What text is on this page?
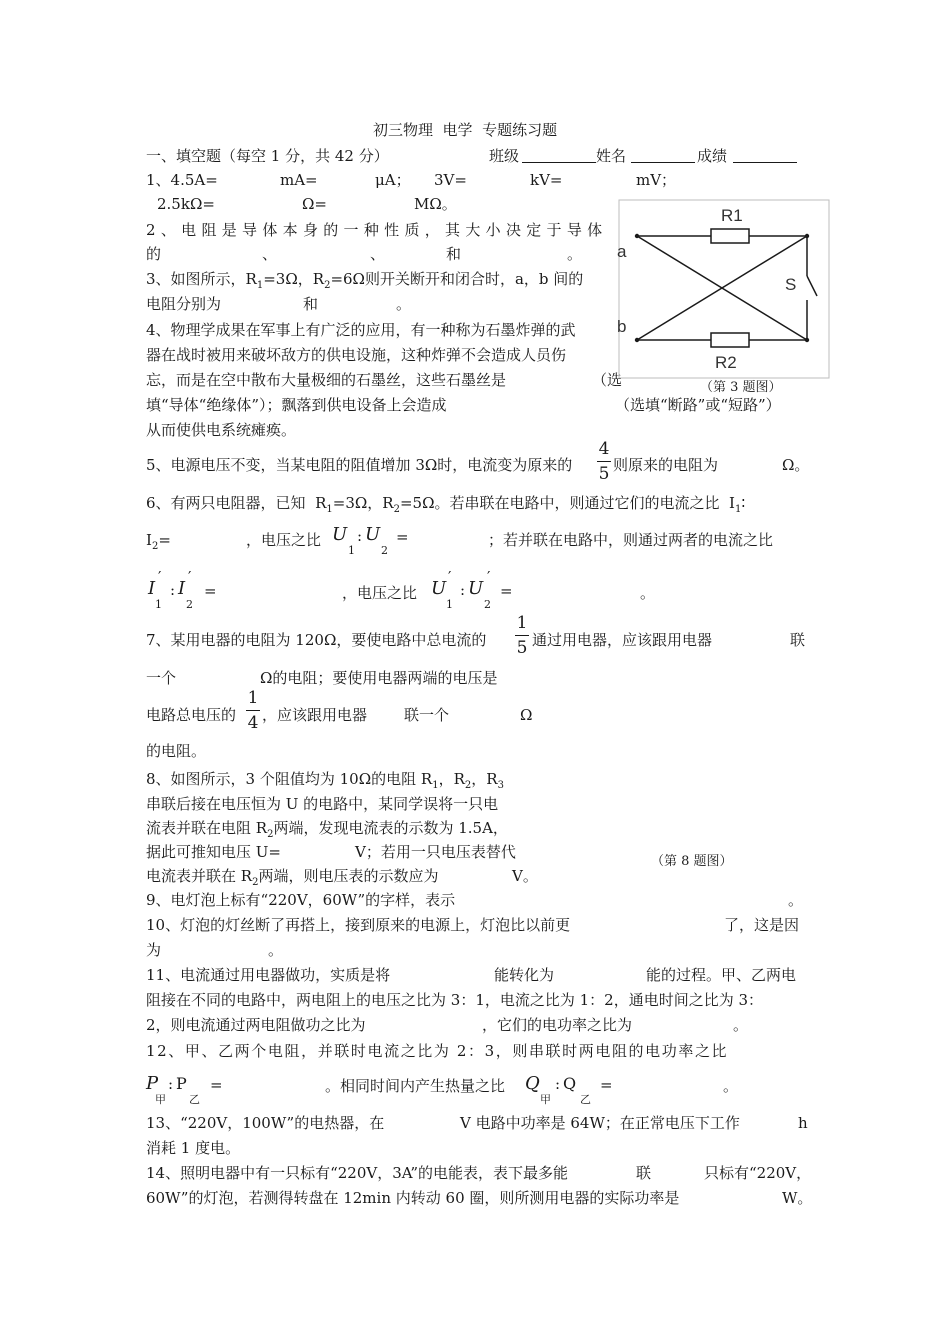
初三物理  电学  专题练习题
一、填空题（每空 1 分，共 42 分）	班级	姓名	成绩
1、4.5A=	mA=	μA； 3V=	kV=	mV；
2.5kΩ=	Ω=	MΩ。
2、电阻是导体本身的一种性质，其大小决定于导体
的	、	、	和	。
3、如图所示，$R_1=3\Omega$，$R_2=6\Omega$则开关断开和闭合时，a，b 间的
电阻分别为	和	。
4、物理学成果在军事上有广泛的应用，有一种称为石墨炸弹的武
器在战时被用来破坏敌方的供电设施，这种炸弹不会造成人员伤
忘，而是在空中散布大量极细的石墨丝，这些石墨丝是	（选
填“导体“绝缘体”）；飘落到供电设备上会造成	（选填“断路”或“短路”）
从而使供电系统瘫痪。
R1
R2
a
b
S
（第 3 题图）
5、电源电压不变，当某电阻的阻值增加 3Ω时，电流变为原来的
4
5 则原来的电阻为	Ω。
6、有两只电阻器，已知  $R_1=3\Omega$，$R_2=5\Omega$。若串联在电路中，则通过它们的电流之比  $I_1∶$
$I_2=$	，电压之比 U
1
: U
2
=	；若并联在电路中，则通过两者的电流之比
I
′
1
: I
′
2
=	，电压之比 U
′
1
: U
′
2
=	。
7、某用电器的电阻为 120Ω，要使电路中总电流的
1
5 通过用电器，应该跟用电器	联
一个	Ω的电阻；要使用电器两端的电压是
电路总电压的
1
4 ，应该跟用电器 联一个	Ω
的电阻。
8、如图所示，3 个阻值均为 10Ω的电阻 $R_1$，$R_2$，$R_3$
串联后接在电压恒为 U 的电路中，某同学误将一只电
流表并联在电阻 $R_2$两端，发现电流表的示数为 1.5A，
据此可推知电压 U=	V；若用一只电压表替代
电流表并联在 $R_2$两端，则电压表的示数应为	V。
（第 8 题图）
9、电灯泡上标有“220V，60W”的字样，表示	。
10、灯泡的灯丝断了再搭上，接到原来的电源上，灯泡比以前更	了，这是因
为	。
11、电流通过用电器做功，实质是将	能转化为	能的过程。甲、乙两电
阻接在不同的电路中，两电阻上的电压之比为 3：1，电流之比为 1：2，通电时间之比为 3：
2，则电流通过两电阻做功之比为	，它们的电功率之比为	。
12、甲、乙两个电阻，并联时电流之比为 2：3，则串联时两电阻的电功率之比
P
甲
: P
乙
=	。相同时间内产生热量之比 Q
甲
: Q
乙
=	。
13、“220V，100W”的电热器，在	V 电路中功率是 64W；在正常电压下工作	h
消耗 1 度电。
14、照明电器中有一只标有“220V，3A”的电能表，表下最多能	联	只标有“220V，
60W”的灯泡，若测得转盘在 12min 内转动 60 圈，则所测用电器的实际功率是	W。
